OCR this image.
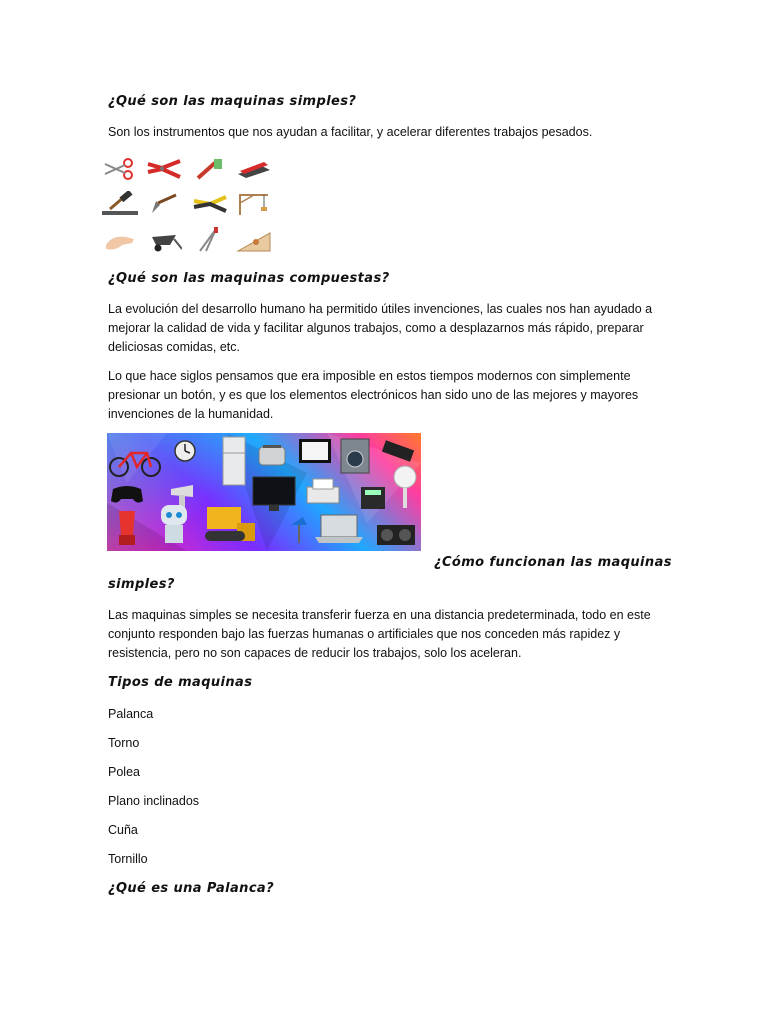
¿Qué son las maquinas simples?

Son los instrumentos que nos ayudan a facilitar, y acelerar diferentes trabajos pesados.

¿Qué son las maquinas compuestas?

La evolución del desarrollo humano ha permitido útiles invenciones, las cuales nos han ayudado a

mejorar la calidad de vida y facilitar algunos trabajos, como a desplazarnos más rápido, preparar

deliciosas comidas, etc.

Lo que hace siglos pensamos que era imposible en estos tiempos modernos con simplemente

presionar un botón, y es que los elementos electrónicos han sido uno de las mejores y mayores

invenciones de la humanidad.

¿Cómo funcionan las maquinas
simples?

Las maquinas simples se necesita transferir fuerza en una distancia predeterminada, todo en este

conjunto responden bajo las fuerzas humanas o artificiales que nos conceden más rapidez y

resistencia, pero no son capaces de reducir los trabajos, solo los aceleran.

Tipos de maquinas

Palanca

Torno

Polea

Plano inclinados

Cuña

Tornillo

¿Qué es una Palanca?
